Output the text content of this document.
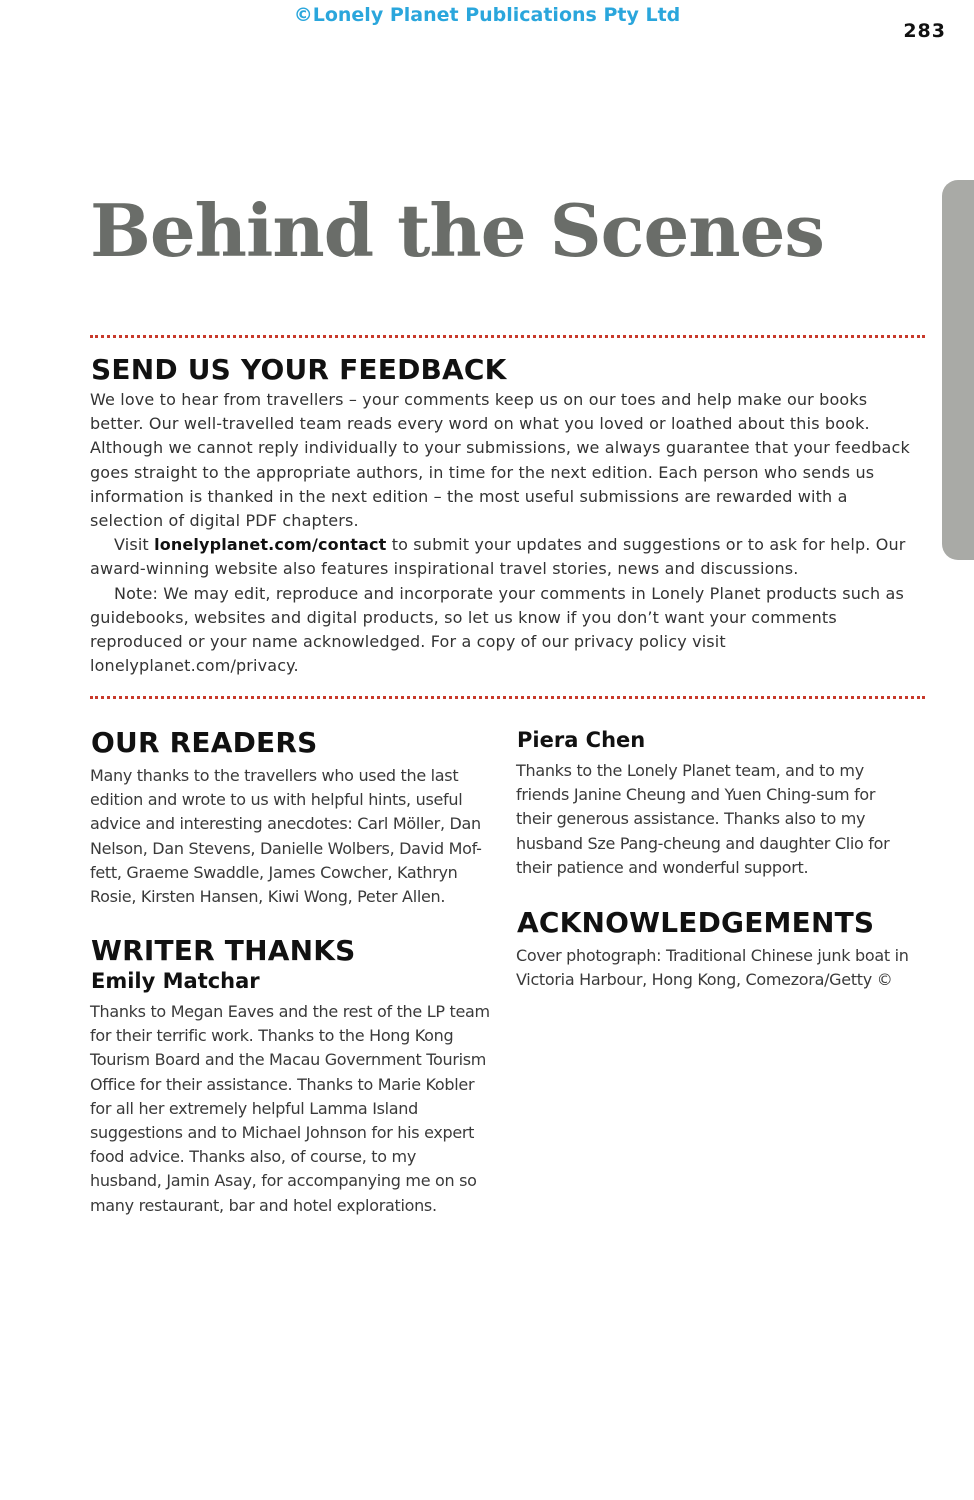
©Lonely Planet Publications Pty Ltd

283

Behind the Scenes
SEND US YOUR FEEDBACK

We love to hear from travellers – your comments keep us on our toes and help make our books better. Our well-travelled team reads every word on what you loved or loathed about this book. Although we cannot reply individually to your submissions, we always guarantee that your feedback goes straight to the appropriate authors, in time for the next edition. Each person who sends us information is thanked in the next edition – the most useful submissions are rewarded with a selection of digital PDF chapters.

Visit lonelyplanet.com/contact to submit your updates and suggestions or to ask for help. Our award-winning website also features inspirational travel stories, news and discussions.

Note: We may edit, reproduce and incorporate your comments in Lonely Planet products such as guidebooks, websites and digital products, so let us know if you don’t want your comments reproduced or your name acknowledged. For a copy of our privacy policy visit lonelyplanet.com/privacy.

OUR READERS

Many thanks to the travellers who used the last edition and wrote to us with helpful hints, useful advice and interesting anecdotes: Carl Möller, Dan Nelson, Dan Stevens, Danielle Wolbers, David Mof-fett, Graeme Swaddle, James Cowcher, Kathryn Rosie, Kirsten Hansen, Kiwi Wong, Peter Allen.

WRITER THANKS
Emily Matchar

Thanks to Megan Eaves and the rest of the LP team for their terrific work. Thanks to the Hong Kong Tourism Board and the Macau Government Tourism Office for their assistance. Thanks to Marie Kobler for all her extremely helpful Lamma Island suggestions and to Michael Johnson for his expert food advice. Thanks also, of course, to my husband, Jamin Asay, for accompanying me on so many restaurant, bar and hotel explorations.

Piera Chen

Thanks to the Lonely Planet team, and to my friends Janine Cheung and Yuen Ching-sum for their generous assistance. Thanks also to my husband Sze Pang-cheung and daughter Clio for their patience and wonderful support.

ACKNOWLEDGEMENTS

Cover photograph: Traditional Chinese junk boat in Victoria Harbour, Hong Kong, Comezora/Getty ©
